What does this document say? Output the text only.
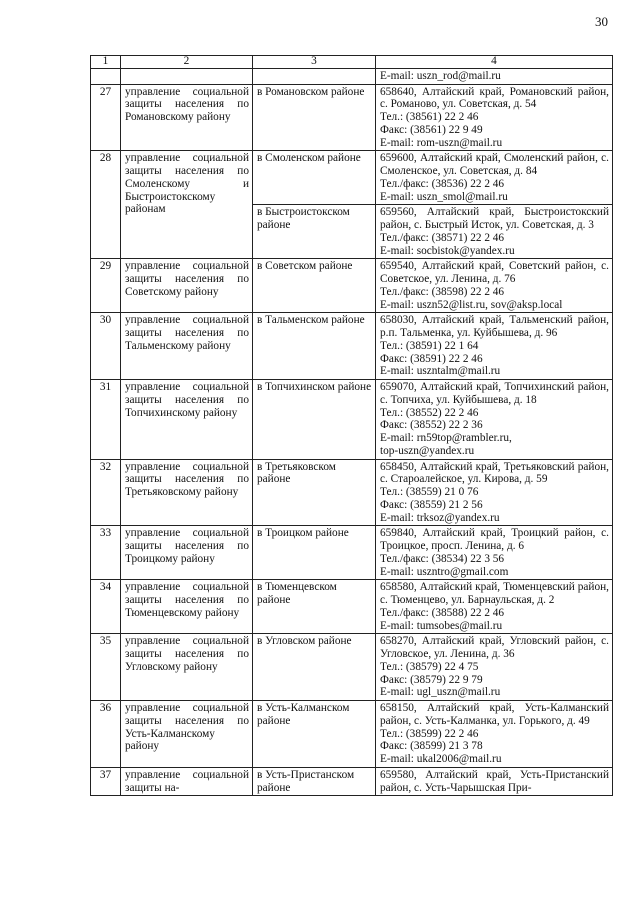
30
1	2	3	4

			E-mail: uszn_rod@mail.ru

27	управление социальной защиты населения по Романовскому району	в Романовском районе	658640, Алтайский край, Романовский район, с. Романово, ул. Советская, д. 54
Тел.: (38561) 22 2 46
Факс: (38561) 22 9 49
E-mail: rom-uszn@mail.ru

28	управление социальной защиты населения по Смоленскому и Быстроистокскому районам	в Смоленском районе	659600, Алтайский край, Смоленский район, с. Смоленское, ул. Советская, д. 84
Тел./факс: (38536) 22 2 46
E-mail: uszn_smol@mail.ru

		в Быстроистокском районе	659560, Алтайский край, Быстроистокский район, с. Быстрый Исток, ул. Советская, д. 3
Тел./факс: (38571) 22 2 46
E-mail: socbistok@yandex.ru

29	управление социальной защиты населения по Советскому району	в Советском районе	659540, Алтайский край, Советский район, с. Советское, ул. Ленина, д. 76
Тел./факс: (38598) 22 2 46
E-mail: uszn52@list.ru, sov@aksp.local

30	управление социальной защиты населения по Тальменскому району	в Тальменском районе	658030, Алтайский край, Тальменский район, р.п. Тальменка, ул. Куйбышева, д. 96
Тел.: (38591) 22 1 64
Факс: (38591) 22 2 46
E-mail: uszntalm@mail.ru

31	управление социальной защиты населения по Топчихинскому району	в Топчихинском районе	659070, Алтайский край, Топчихинский район, с. Топчиха, ул. Куйбышева, д. 18
Тел.: (38552) 22 2 46
Факс: (38552) 22 2 36
E-mail: rn59top@rambler.ru,
top-uszn@yandex.ru

32	управление социальной защиты населения по Третьяковскому району	в Третьяковском районе	658450, Алтайский край, Третьяковский район, с. Староалейское, ул. Кирова, д. 59
Тел.: (38559) 21 0 76
Факс: (38559) 21 2 56
E-mail: trksoz@yandex.ru

33	управление социальной защиты населения по Троицкому району	в Троицком районе	659840, Алтайский край, Троицкий район, с. Троицкое, просп. Ленина, д. 6
Тел./факс: (38534) 22 3 56
E-mail: uszntro@gmail.com

34	управление социальной защиты населения по Тюменцевскому району	в Тюменцевском районе	658580, Алтайский край, Тюменцевский район, с. Тюменцево, ул. Барнаульская, д. 2
Тел./факс: (38588) 22 2 46
E-mail: tumsobes@mail.ru

35	управление социальной защиты населения по Угловскому району	в Угловском районе	658270, Алтайский край, Угловский район, с. Угловское, ул. Ленина, д. 36
Тел.: (38579) 22 4 75
Факс: (38579) 22 9 79
E-mail: ugl_uszn@mail.ru

36	управление социальной защиты населения по Усть-Калманскому району	в Усть-Калманском районе	658150, Алтайский край, Усть-Калманский район, с. Усть-Калманка, ул. Горького, д. 49
Тел.: (38599) 22 2 46
Факс: (38599) 21 3 78
E-mail: ukal2006@mail.ru

37	управление социальной защиты на-	в Усть-Пристанском районе	659580, Алтайский край, Усть-Пристанский район, с. Усть-Чарышская При-
